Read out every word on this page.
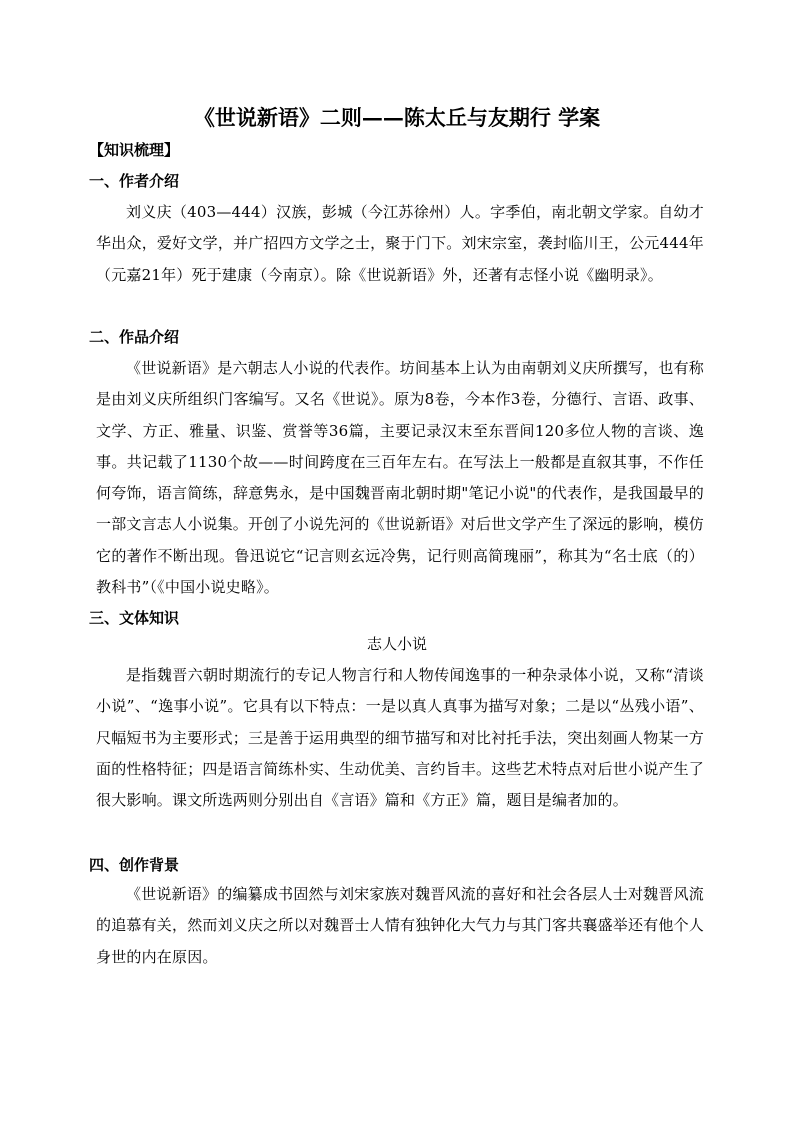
《世说新语》二则——陈太丘与友期行 学案
【知识梳理】
一、作者介绍

刘义庆（403—444）汉族，彭城（今江苏徐州）人。字季伯，南北朝文学家。自幼才华出众，爱好文学，并广招四方文学之士，聚于门下。刘宋宗室，袭封临川王，公元444年（元嘉21年）死于建康（今南京）。除《世说新语》外，还著有志怪小说《幽明录》。

二、作品介绍

《世说新语》是六朝志人小说的代表作。坊间基本上认为由南朝刘义庆所撰写，也有称是由刘义庆所组织门客编写。又名《世说》。原为8卷，今本作3卷，分德行、言语、政事、文学、方正、雅量、识鉴、赏誉等36篇，主要记录汉末至东晋间120多位人物的言谈、逸事。共记载了1130个故——时间跨度在三百年左右。在写法上一般都是直叙其事，不作任何夸饰，语言简练，辞意隽永，是中国魏晋南北朝时期"笔记小说"的代表作，是我国最早的一部文言志人小说集。开创了小说先河的《世说新语》对后世文学产生了深远的影响，模仿它的著作不断出现。鲁迅说它“记言则玄远冷隽，记行则高简瑰丽”，称其为“名士底（的）教科书”（《中国小说史略》。

三、文体知识
志人小说

是指魏晋六朝时期流行的专记人物言行和人物传闻逸事的一种杂录体小说，又称“清谈小说”、“逸事小说”。它具有以下特点：一是以真人真事为描写对象；二是以“丛残小语”、尺幅短书为主要形式；三是善于运用典型的细节描写和对比衬托手法，突出刻画人物某一方面的性格特征；四是语言简练朴实、生动优美、言约旨丰。这些艺术特点对后世小说产生了很大影响。课文所选两则分别出自《言语》篇和《方正》篇，题目是编者加的。

四、创作背景

《世说新语》的编纂成书固然与刘宋家族对魏晋风流的喜好和社会各层人士对魏晋风流的追慕有关，然而刘义庆之所以对魏晋士人情有独钟化大气力与其门客共襄盛举还有他个人身世的内在原因。
